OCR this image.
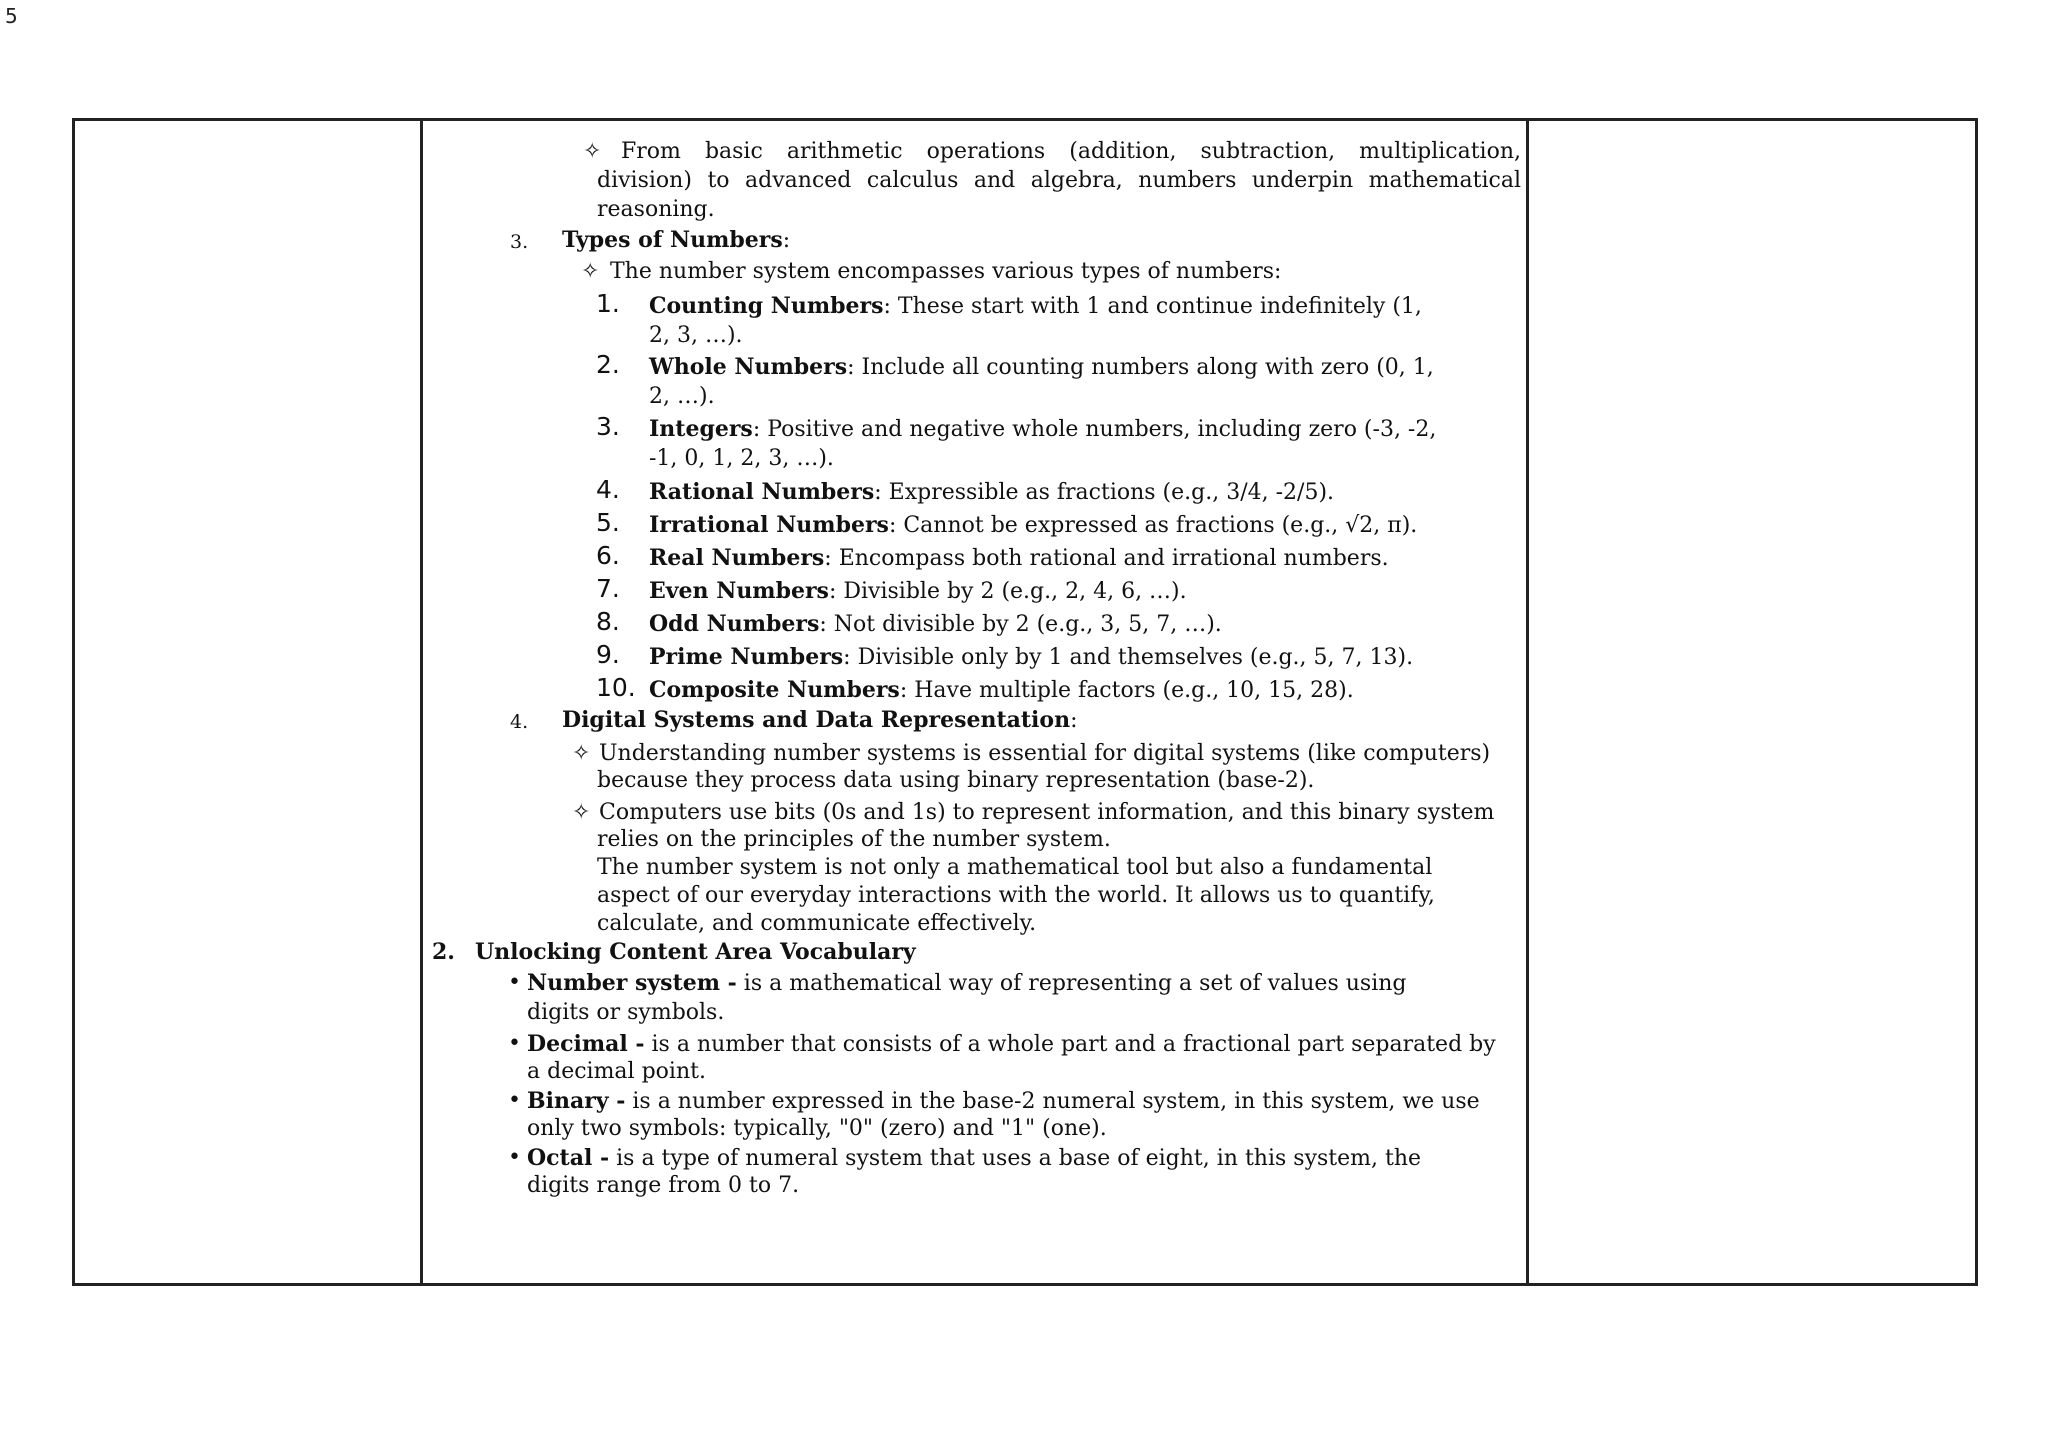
5
✧ From basic arithmetic operations (addition, subtraction, multiplication,
division) to advanced calculus and algebra, numbers underpin mathematical
reasoning.
3. Types of Numbers:
✧ The number system encompasses various types of numbers:
1. Counting Numbers: These start with 1 and continue indefinitely (1,
2, 3, …).
2. Whole Numbers: Include all counting numbers along with zero (0, 1,
2, …).
3. Integers: Positive and negative whole numbers, including zero (-3, -2,
-1, 0, 1, 2, 3, …).
4. Rational Numbers: Expressible as fractions (e.g., 3/4, -2/5).
5. Irrational Numbers: Cannot be expressed as fractions (e.g., √2, π).
6. Real Numbers: Encompass both rational and irrational numbers.
7. Even Numbers: Divisible by 2 (e.g., 2, 4, 6, …).
8. Odd Numbers: Not divisible by 2 (e.g., 3, 5, 7, …).
9. Prime Numbers: Divisible only by 1 and themselves (e.g., 5, 7, 13).
10. Composite Numbers: Have multiple factors (e.g., 10, 15, 28).
4. Digital Systems and Data Representation:
✧ Understanding number systems is essential for digital systems (like computers)
because they process data using binary representation (base-2).
✧ Computers use bits (0s and 1s) to represent information, and this binary system
relies on the principles of the number system.
The number system is not only a mathematical tool but also a fundamental
aspect of our everyday interactions with the world. It allows us to quantify,
calculate, and communicate effectively.
2. Unlocking Content Area Vocabulary
• Number system - is a mathematical way of representing a set of values using
digits or symbols.
• Decimal - is a number that consists of a whole part and a fractional part separated by
a decimal point.
• Binary - is a number expressed in the base-2 numeral system, in this system, we use
only two symbols: typically, "0" (zero) and "1" (one).
• Octal - is a type of numeral system that uses a base of eight, in this system, the
digits range from 0 to 7.
